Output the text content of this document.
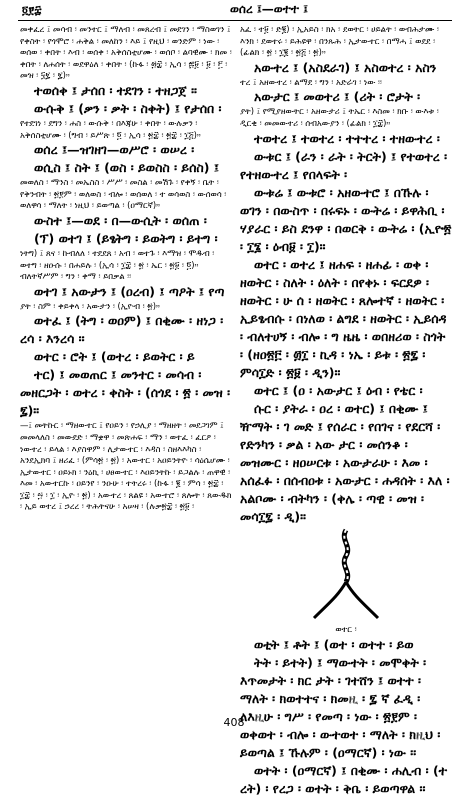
፬፻፰	ወሰረ ፤—ወተተ ፤

መቀፈረ ፤ መሳብ ፡ መንተር ፤ ማለብ ፡ መጸረብ ፤ መደገን ፡ ማስወገን ፤ የቀስት ፡ የጎሞሮ ፡ ሐቅል ፡ መለከን ፡ እይ ፤ የዚህ ፡ ወንድም ፡ ነው ፡ ወሰወ ፡ ቀበት ፡ እብ ፡ ወሰቀ ፡ አቅሰስቲሆሙ ፡ ወሰቦ ፡ ልባዊሙ ፡ ክመ ፡ ቀበት ፡ ለሐሰት ፡ ወደዋዕለ ፡ ቀበት ፡ (ኩፋ ፡ ፴፰ ፡ ኢሳ ፡ ፷፱ ፡ ፱ ፡ ፫ ፡ መዝ ፡ ፶፯ ፡ ፯)።

ተወሰቀ ፤ ታሰበ ፡ ተደገን ፡ ተዘጋጀ ፡፡

ውሱቅ ፤ (ቃን ፡ ቃት ፡ ስቀት) ፤ የታሰበ ፡

የተደገነ ፡ ደግን ፡ ሐስ ፡ ውሱቅ ፡ በእጃሁ ፡ ቀበት ፡ ውሉቃን ፡ አቅሰስቲሆሙ ፡ (ግብ ፡ ይሥጽ ፡ ፬ ፡ ኢሳ ፡ ፳፰ ፡ ፳፰ ፡ ፲፭)።

ወሰረ ፤—ዝገዘገ—ወሥሮ ፡ ወሠረ ፡

ወሲስ ፤ ስት ፤ (ወስ ፡ ይወስስ ፡ ይሰስ) ፤

መወለስ ፡ ማንስ ፡ መኤስስ ፡ ሥሥ ፡ መስል ፡ መሽጉ ፡ የቀኝ ፡ ቤት ፡ የቅንብት ፡ ፳፻ም ፡ ወለወስ ፡ ብሎ ፡ ወሰወለ ፡ ተ ወሳወስ ፡ ውሰወሳ ፡ ወለዋሳ ፡ ማለት ፡ ነዚህ ፡ ይወጣል ፡ (ዐማርኛ)።

ውስተ ፤—ወደ ፡ በ—ውሲት ፡ ወሰጠ ፡

(ፕ) ወተገ ፤ (ይፄትግ ፡ ይወትግ ፡ ይተግ ፡

ነትግ) ፤ ጸና ፡ ኩብለለ ፡ ተደደጸ ፡ አብ ፡ ወተጉ ፡ እማዝ ፡ ሞዱብ ፡ ወተግ ፡ ዘዑሱ ፡ በሐይሉ ፡ (ኢሳ ፡ ፲፰ ፡ ፳ ፡ ኤር ፡ ፳፱ ፡ ፬)። ብለትኛሥም ፡ ግን ፡ ቀማ ፡ ይበቃል ፡፡

ወተገ ፤ አውታን ፤ (ዐረብ) ፤ ጣዖት ፤ የጣ

ያት ፡ ስም ፡ ቀይቀላ ፡ አውታን ፡ (ኢዮብ ፡ ፳)።

ወተፈ ፤ (ትግ ፡ ወዐም) ፤ በቂሙ ፡ ዘነጋ ፡ ረሳ ፡ እንረሳ ፡፡

ወተር ፡ ሮት ፤ (ወተረ ፡ ይወትር ፡ ይ

ተር) ፤ መወጠር ፤ መንተር ፡ መሳብ ፡ መዘርጋት ፡ ወተረ ፡ ቀስት ፡ (ሰጎደ ፡ ፳ ፡ መዝ ፡ ፯)።

—፤ መትኩር ፡ ማዘውተር ፤ የዐይን ፡ የኃሊያ ፡ ማዘዘት ፡ መደጋገም ፤ መመላለስ ፡ መውደድ ፡ ማቋዋ ፡ መጽሐፍ ፡ ማን ፡ ወተፈ ፡ ፈርዖ ፡ ነውተረ ፡ ይላል ፡ እያስዋም ፡ ሊታውተር ፡ እዳስ ፡ ስዘእእካስ ፡ አንደኢክባ ፤ ዘሪፈ ፡ (ምሳ፳ ፡ ፳) ፡ አውተር ፡ አዐይንትዮ ፡ ሳዕሴሆሙ ፡ ኢታውተር ፡ ዐይኑክ ፡ ንዕኪ ፡ ሀፀውተር ፡ እዐይንትኩ ፡ ይጋልሉ ፡ ጠዋዊ ፡ እመ ፡ አውተርኩ ፡ ዐይንየ ፡ ንዑሁ ፡ ተትረሩ ፡ (ኩፋ ፡ ፪ ፡ ምሳ ፡ ፳፰ ፡ ፲፰ ፡ ፵ ፡ ፲ ፡ ኢዮ ፡ ፳) ፡ አውተረ ፡ ጸልዩ ፡ አውተሮ ፡ ጸሎት ፡ ጸውዱክ ፡ ኢይ ወተረ ፤ ኃረረ ፡ ትሕትናሁ ፡ አሠዛ ፡ (ሉቃ፳፰ ፡ ፳፱ ፡

አፈ ፡ ተ፱ ፡ ድ፪) ፡ ኢአይስ ፡ ክአ ፡ ደወትር ፡ ሀይልት ፡ ወብሕታሙ ፡ እንክ ፡ ደወተሩ ፡ ይሕዩዋ ፡ በንጹሕ ፡ ኢታውተር ፡ በማሓ ፤ ወደደ ፡ (ፊልክ ፡ ፳ ፡ ፲፪ ፡ ፳፭ ፡ ፳)።

አውተረ ፤ (አስደራገ) ፤ አስወተረ ፡ አስን

ተረ ፤ አዘውተረ ፡ ልማደ ፡ ግን ፡ አድራገ ፡ ነው ፡፡

አውታር ፤ መወተሪ ፤ (ሪት ፡ ሮታት ፡

ያት) ፤ የሚያዘውትር ፡ አዘውታሪ ፤ ትኤር ፡ እስመ ፡ ክቡ ፡ ውእቱ ፡ ዲርቂ ፡ መመውተሪ ፡ ሰብአውያን ፡ (ፊልክ ፡ ፲፰)።

ተወተረ ፤ ተወተረ ፡ ተተተረ ፡ ተዘውተረ ፡

ውቱር ፤ (ራን ፡ ራት ፡ ትርት) ፤ የተወተረ ፡ የተዘውተረ ፤ የበላፍት ፡

ውቱሬ ፤ ውቱሮ ፡ አዘውተሮ ፤ በኹሉ ፡ ወገን ፡ በውስጥ ፡ በሩፍኑ ፡ ውትሬ ፡ ይዋሕቢ ፡ ሃያራር ፡ ይስ ደንዋ ፡ በወርቅ ፡ ውትሬ ፡ (ኢዮ፳ ፡ ፲፮ ፡ ዕብ፱ ፡ ፲)።

ወተር ፡ ወተረ ፤ ዘሐፍ ፡ ዘሐፊ ፡ ወቀ ፡ ዘወትር ፡ ስለት ፡ ዕለት ፡ በየቀኑ ፡ ፍርደዎ ፡ ዘወትር ፡ ሁ ሰ ፡ ዘወትር ፡ ጸሎተኛ ፡ ዘወትር ፡ ኢይፄብሱ ፡ በነለወ ፡ ልግደ ፡ ዘወትር ፡ ኢይሰዳ ፡ ብለተሀኝ ፡ ብሎ ፡ ግ ዜዜ ፡ ወበዘሪወ ፡ ስጎት ፡ (ዘዐ፳፫ ፡ ፴፲ ፡ ኪዳ ፡ ነኤ ፡ ይቱ ፡ ፳፯ ፡ ምሳ፲ድ ፡ ፳፱ ፡ ዲን)።

ወተር ፤ (ዐ ፡ አውታር ፤ ዕብ ፡ የቴር ፡

ሱር ፡ ያትራ ፡ ዐረ ፡ ወተር) ፤ በቂሙ ፤ ዥማት ፡ ገ መድ ፤ የሰራር ፡ የበገና ፡ የደርሻ ፡ የድንካን ፡ ቃል ፡ አው ታር ፡ መሰንቆ ፡ መዝሙር ፡ ዘዐሠርቱ ፡ አውታራሁ ፡ እመ ፡ አሰፈፉ ፡ በሰብዐቱ ፡ አውታር ፡ ሐዳሰት ፡ እለ ፡ አልቦሙ ፡ ብትካን ፡ (ቀሌ ፡ ጣዊ ፡ መዝ ፡ መሳ፲፯ ፡ ዲ)።

ወተር ፡

ወቲት ፤ ቶት ፤ (ወተ ፡ ወተተ ፡ ይወ

ትት ፡ ይተት) ፤ ማውተት ፡ መሞቀት ፡ እጥመታት ፡ ክር ታት ፡ ገተሸን ፤ ወተተ ፡ ማለት ፡ ክወተተና ፡ ክመዚ ፡ ፯ ኛ ፈዲ ፡ ለእዚሁ ፡ ግሥ ፡ የመጣ ፡ ነው ፡ ፳፻ም ፡ ወቀወተ ፡ ብሎ ፡ ውተወተ ፡ ማለት ፡ ክዚህ ፡ ይወጣል ፤ ኹሉም ፡ (ዐማርኛ) ፡ ነው ፡፡

ወተት ፡ (ዐማርኛ) ፤ በቂሙ ፡ ሐሊብ ፡ (ተ ረት) ፡ የረጋ ፡ ወተት ፡ ቅቤ ፡ ይወጣዋል ፡፡

408
